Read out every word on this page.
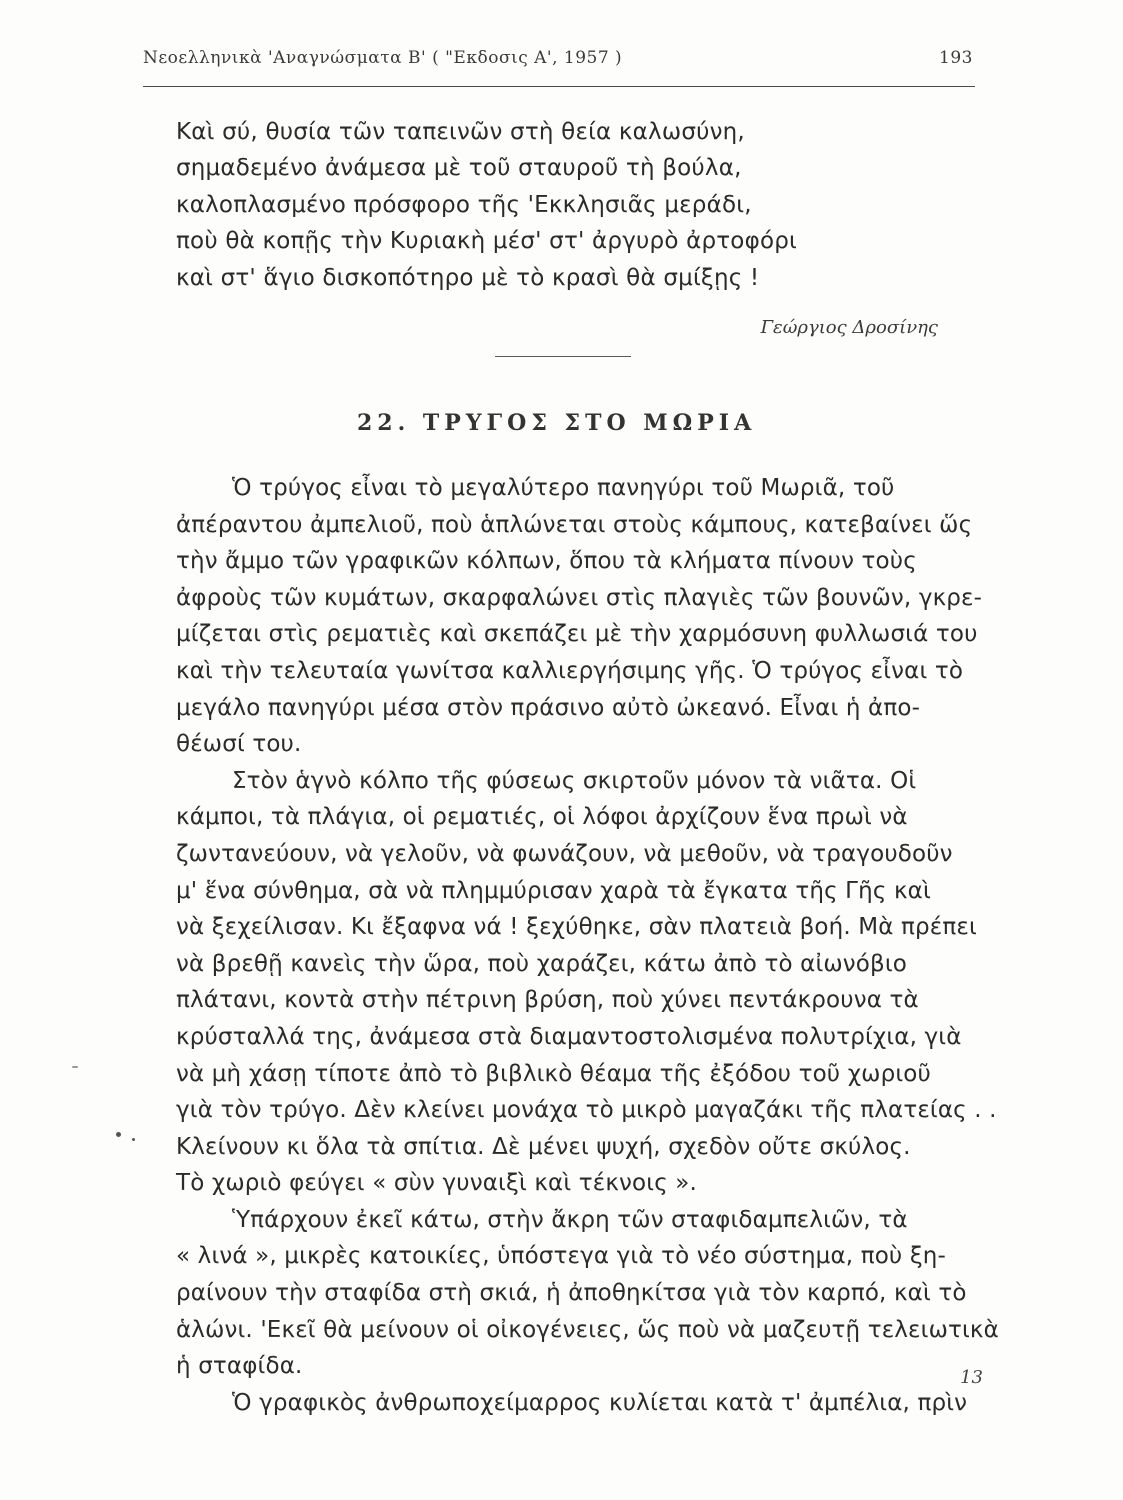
Νεοελληνικὰ 'Αναγνώσματα Β' ( "Εκδοσις Α', 1957 )	193
Καὶ σύ, θυσία τῶν ταπεινῶν στὴ θεία καλωσύνη,
σημαδεμένο ἀνάμεσα μὲ τοῦ σταυροῦ τὴ βούλα,
καλοπλασμένο πρόσφορο τῆς 'Εκκλησιᾶς μεράδι,
ποὺ θὰ κοπῇς τὴν Κυριακὴ μέσ' στ' ἀργυρὸ ἀρτοφόρι
καὶ στ' ἅγιο δισκοπότηρο μὲ τὸ κρασὶ θὰ σμίξῃς !
Γεώργιος Δροσίνης
22. ΤΡΥΓΟΣ ΣΤΟ ΜΩΡΙΑ
Ὁ τρύγος εἶναι τὸ μεγαλύτερο πανηγύρι τοῦ Μωριᾶ, τοῦ
ἀπέραντου ἀμπελιοῦ, ποὺ ἁπλώνεται στοὺς κάμπους, κατεβαίνει ὥς
τὴν ἄμμο τῶν γραφικῶν κόλπων, ὅπου τὰ κλήματα πίνουν τοὺς
ἀφροὺς τῶν κυμάτων, σκαρφαλώνει στὶς πλαγιὲς τῶν βουνῶν, γκρε-
μίζεται στὶς ρεματιὲς καὶ σκεπάζει μὲ τὴν χαρμόσυνη φυλλωσιά του
καὶ τὴν τελευταία γωνίτσα καλλιεργήσιμης γῆς. Ὁ τρύγος εἶναι τὸ
μεγάλο πανηγύρι μέσα στὸν πράσινο αὐτὸ ὠκεανό. Εἶναι ἡ ἀπο-
θέωσί του.
Στὸν ἁγνὸ κόλπο τῆς φύσεως σκιρτοῦν μόνον τὰ νιᾶτα. Οἱ
κάμποι, τὰ πλάγια, οἱ ρεματιές, οἱ λόφοι ἀρχίζουν ἕνα πρωὶ νὰ
ζωντανεύουν, νὰ γελοῦν, νὰ φωνάζουν, νὰ μεθοῦν, νὰ τραγουδοῦν
μ' ἕνα σύνθημα, σὰ νὰ πλημμύρισαν χαρὰ τὰ ἔγκατα τῆς Γῆς καὶ
νὰ ξεχείλισαν. Κι ἔξαφνα νά ! ξεχύθηκε, σὰν πλατειὰ βοή. Μὰ πρέπει
νὰ βρεθῇ κανεὶς τὴν ὥρα, ποὺ χαράζει, κάτω ἀπὸ τὸ αἰωνόβιο
πλάτανι, κοντὰ στὴν πέτρινη βρύση, ποὺ χύνει πεντάκρουνα τὰ
κρύσταλλά της, ἀνάμεσα στὰ διαμαντοστολισμένα πολυτρίχια, γιὰ
νὰ μὴ χάσῃ τίποτε ἀπὸ τὸ βιβλικὸ θέαμα τῆς ἐξόδου τοῦ χωριοῦ
γιὰ τὸν τρύγο. Δὲν κλείνει μονάχα τὸ μικρὸ μαγαζάκι τῆς πλατείας . .
Κλείνουν κι ὅλα τὰ σπίτια. Δὲ μένει ψυχή, σχεδὸν οὔτε σκύλος.
Τὸ χωριὸ φεύγει « σὺν γυναιξὶ καὶ τέκνοις ».
Ὑπάρχουν ἐκεῖ κάτω, στὴν ἄκρη τῶν σταφιδαμπελιῶν, τὰ
« λινά », μικρὲς κατοικίες, ὑπόστεγα γιὰ τὸ νέο σύστημα, ποὺ ξη-
ραίνουν τὴν σταφίδα στὴ σκιά, ἡ ἀποθηκίτσα γιὰ τὸν καρπό, καὶ τὸ
ἁλώνι. 'Εκεῖ θὰ μείνουν οἱ οἰκογένειες, ὥς ποὺ νὰ μαζευτῇ τελειωτικὰ
ἡ σταφίδα.
Ὁ γραφικὸς ἀνθρωποχείμαρρος κυλίεται κατὰ τ' ἀμπέλια, πρὶν
13
